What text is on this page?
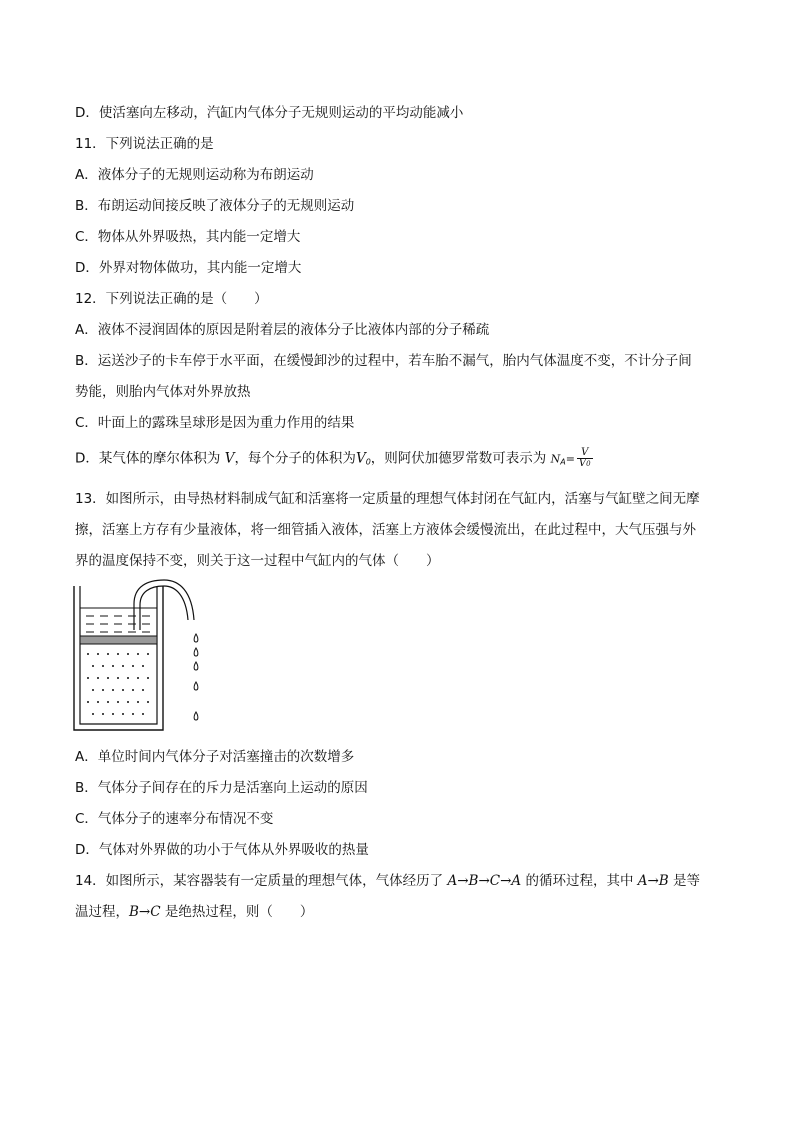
D．使活塞向左移动，汽缸内气体分子无规则运动的平均动能减小
11．下列说法正确的是
A．液体分子的无规则运动称为布朗运动
B．布朗运动间接反映了液体分子的无规则运动
C．物体从外界吸热，其内能一定增大
D．外界对物体做功，其内能一定增大
12．下列说法正确的是（　　）
A．液体不浸润固体的原因是附着层的液体分子比液体内部的分子稀疏
B．运送沙子的卡车停于水平面，在缓慢卸沙的过程中，若车胎不漏气，胎内气体温度不变，不计分子间
势能，则胎内气体对外界放热
C．叶面上的露珠呈球形是因为重力作用的结果
D．某气体的摩尔体积为 V，每个分子的体积为$V_0$，则阿伏加德罗常数可表示为 $N_A= \frac{V}{V0}$
13．如图所示，由导热材料制成气缸和活塞将一定质量的理想气体封闭在气缸内，活塞与气缸壁之间无摩
擦，活塞上方存有少量液体，将一细管插入液体，活塞上方液体会缓慢流出，在此过程中，大气压强与外
界的温度保持不变，则关于这一过程中气缸内的气体（　　）
A．单位时间内气体分子对活塞撞击的次数增多
B．气体分子间存在的斥力是活塞向上运动的原因
C．气体分子的速率分布情况不变
D．气体对外界做的功小于气体从外界吸收的热量
14．如图所示，某容器装有一定质量的理想气体，气体经历了 A→B→C→A 的循环过程，其中 A→B 是等
温过程，B→C 是绝热过程，则（　　）
